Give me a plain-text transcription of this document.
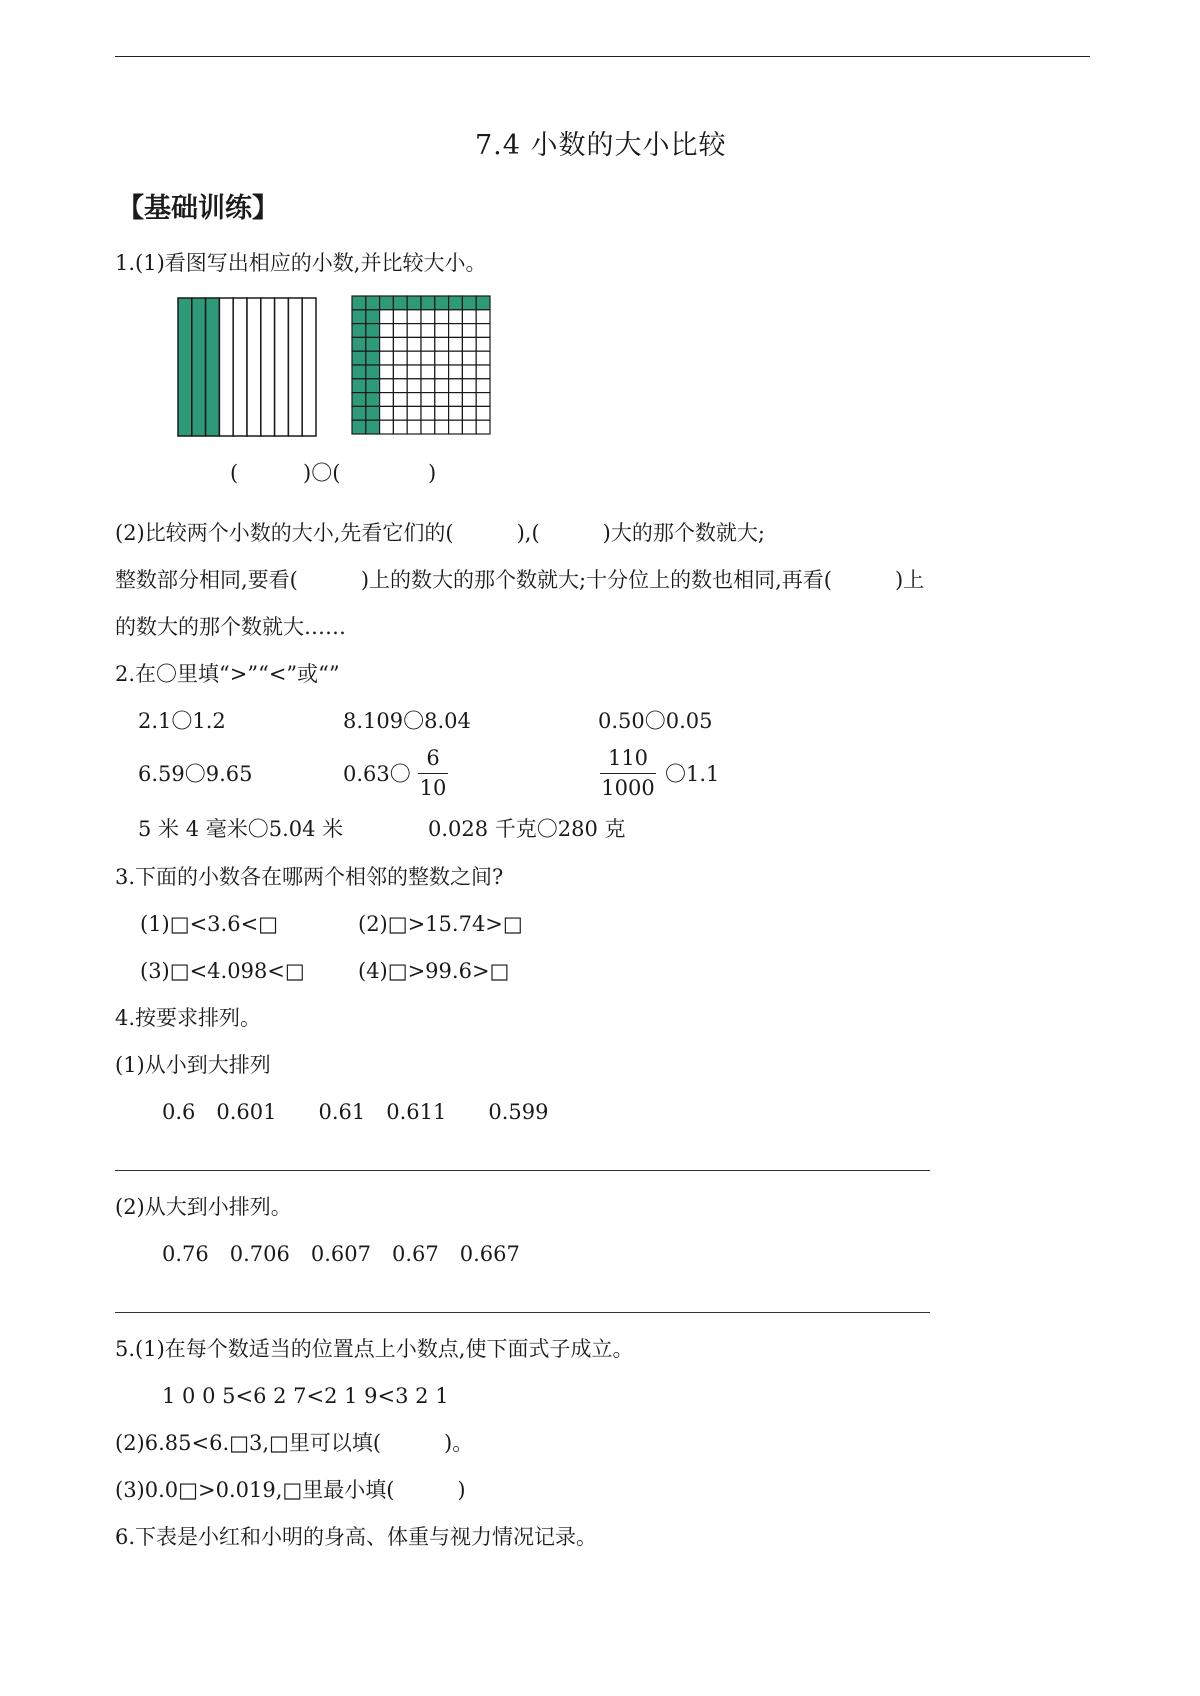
7.4 小数的大小比较
【基础训练】
1.(1)看图写出相应的小数,并比较大小。
(	)〇(	)
(2)比较两个小数的大小,先看它们的(　　　),(　　　)大的那个数就大;
整数部分相同,要看(　　　)上的数大的那个数就大;十分位上的数也相同,再看(　　　)上
的数大的那个数就大……
2.在〇里填“>”“<”或“”
2.1〇1.2	8.109〇8.04	0.50〇0.05
6.59〇9.65	0.63〇
6
10
110
1000
〇1.1
5 米 4 毫米〇5.04 米	0.028 千克〇280 克
3.下面的小数各在哪两个相邻的整数之间?
(1)□<3.6<□	(2)□>15.74>□
(3)□<4.098<□	(4)□>99.6>□
4.按要求排列。
(1)从小到大排列
0.6　0.601　　0.61　0.611　　0.599
(2)从大到小排列。
0.76　0.706　0.607　0.67　0.667
5.(1)在每个数适当的位置点上小数点,使下面式子成立。
1 0 0 5<6 2 7<2 1 9<3 2 1
(2)6.85<6.□3,□里可以填(　　　)。
(3)0.0□>0.019,□里最小填(　　　)
6.下表是小红和小明的身高、体重与视力情况记录。
